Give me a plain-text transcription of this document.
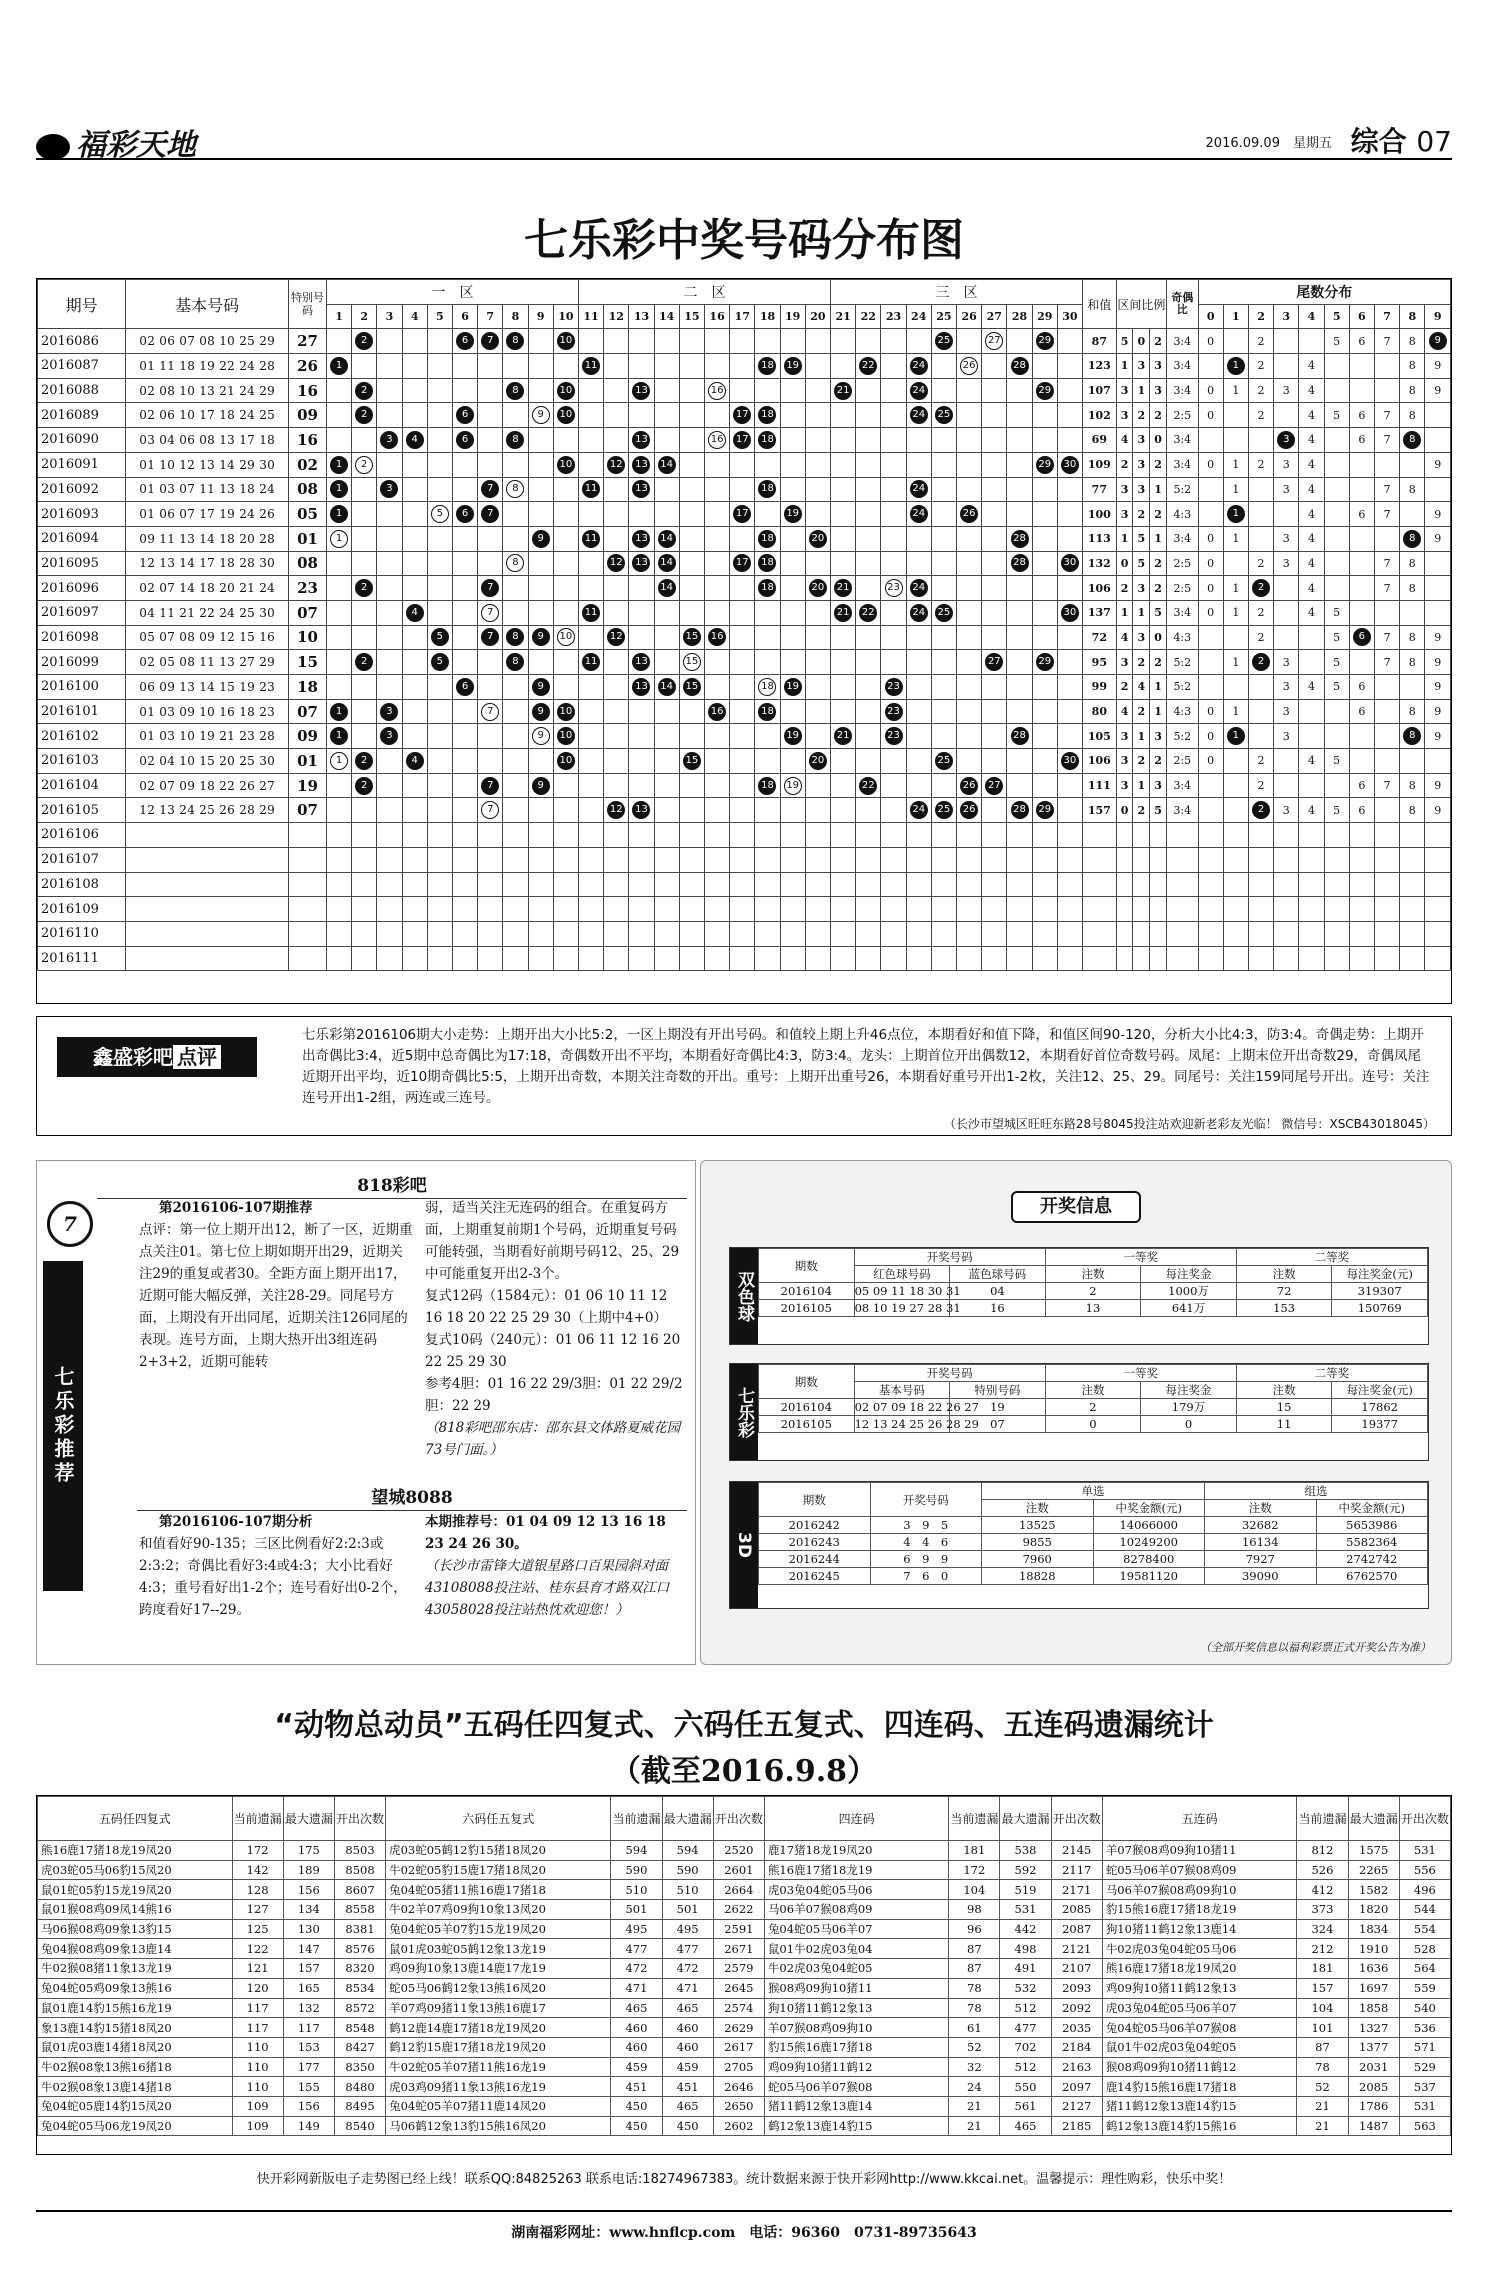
福彩天地	2016.09.09　 星期五 综合 07
七乐彩中奖号码分布图
期号	基本号码	特别号码	一　区										二　区										三　区										和值	区间比例			奇偶比	尾数分布									
			1	2	3	4	5	6	7	8	9	10	11	12	13	14	15	16	17	18	19	20	21	22	23	24	25	26	27	28	29	30						0	1	2	3	4	5	6	7	8	9
2016086	02 06 07 08 10 25 29	27		2				6	7	8		10															25		27		29		87	5	0	2	3:4	0		2			5	6	7	8	9
2016087	01 11 18 19 22 24 28	26	1										11							18	19			22		24		26		28			123	1	3	3	3:4		1	2		4				8	9
2016088	02 08 10 13 21 24 29	16		2						8		10			13			16					21			24					29		107	3	1	3	3:4	0	1	2	3	4				8	9
2016089	02 06 10 17 18 24 25	09		2				6			9	10							17	18						24	25						102	3	2	2	2:5	0		2		4	5	6	7	8	
2016090	03 04 06 08 13 17 18	16			3	4		6		8					13			16	17	18													69	4	3	0	3:4				3	4		6	7	8	
2016091	01 10 12 13 14 29 30	02	1	2								10		12	13	14															29	30	109	2	3	2	3:4	0	1	2	3	4					9
2016092	01 03 07 11 13 18 24	08	1		3				7	8			11		13					18						24							77	3	3	1	5:2		1		3	4			7	8	
2016093	01 06 07 17 19 24 26	05	1				5	6	7										17		19					24		26					100	3	2	2	4:3		1			4		6	7		9
2016094	09 11 13 14 18 20 28	01	1								9		11		13	14				18		20								28			113	1	5	1	3:4	0	1		3	4				8	9
2016095	12 13 14 17 18 28 30	08								8				12	13	14			17	18										28		30	132	0	5	2	2:5	0		2	3	4			7	8	
2016096	02 07 14 18 20 21 24	23		2					7							14				18		20	21		23	24							106	2	3	2	2:5	0	1	2		4			7	8	
2016097	04 11 21 22 24 25 30	07				4			7				11										21	22		24	25					30	137	1	1	5	3:4	0	1	2		4	5				
2016098	05 07 08 09 12 15 16	10					5		7	8	9	10		12			15	16															72	4	3	0	4:3			2			5	6	7	8	9
2016099	02 05 08 11 13 27 29	15		2			5			8			11		13		15												27		29		95	3	2	2	5:2		1	2	3		5		7	8	9
2016100	06 09 13 14 15 19 23	18						6			9				13	14	15			18	19				23								99	2	4	1	5:2				3	4	5	6			9
2016101	01 03 09 10 16 18 23	07	1		3				7		9	10						16		18					23								80	4	2	1	4:3	0	1		3			6		8	9
2016102	01 03 10 19 21 23 28	09	1		3						9	10									19		21		23					28			105	3	1	3	5:2	0	1		3					8	9
2016103	02 04 10 15 20 25 30	01	1	2		4						10					15					20					25					30	106	3	2	2	2:5	0		2		4	5				
2016104	02 07 09 18 22 26 27	19		2					7		9									18	19			22				26	27				111	3	1	3	3:4			2				6	7	8	9
2016105	12 13 24 25 26 28 29	07							7					12	13											24	25	26		28	29		157	0	2	5	3:4			2	3	4	5	6		8	9
2016106																																															
2016107																																															
2016108																																															
2016109																																															
2016110																																															
2016111																																															
鑫盛彩吧 点评
七乐彩第2016106期大小走势：上期开出大小比5:2，一区上期没有开出号码。和值较上期上升46点位，本期看好和值下降，和值区间90-120，分析大小比4:3，防3:4。奇偶走势：上期开出奇偶比3:4，近5期中总奇偶比为17:18，奇偶数开出不平均，本期看好奇偶比4:3，防3:4。龙头：上期首位开出偶数12，本期看好首位奇数号码。凤尾：上期末位开出奇数29，奇偶凤尾近期开出平均，近10期奇偶比5:5，上期开出奇数，本期关注奇数的开出。重号：上期开出重号26，本期看好重号开出1-2枚，关注12、25、29。同尾号：关注159同尾号开出。连号：关注连号开出1-2组，两连或三连号。
（长沙市望城区旺旺东路28号8045投注站欢迎新老彩友光临！ 微信号：XSCB43018045）
7
七乐彩推荐
818彩吧
第2016106-107期推荐
点评：第一位上期开出12，断了一区，近期重点关注01。第七位上期如期开出29，近期关注29的重复或者30。全距方面上期开出17，近期可能大幅反弹，关注28-29。同尾号方面，上期没有开出同尾，近期关注126同尾的表现。连号方面，上期大热开出3组连码2+3+2，近期可能转
弱，适当关注无连码的组合。在重复码方面，上期重复前期1个号码，近期重复号码可能转强，当期看好前期号码12、25、29中可能重复开出2-3个。
复式12码（1584元）：01 06 10 11 12 16 18 20 22 25 29 30（上期中4+0）
复式10码（240元）：01 06 11 12 16 20 22 25 29 30
参考4胆：01 16 22 29/3胆：01 22 29/2胆：22 29
（818彩吧邵东店：邵东县文体路夏威花园73号门面。）
望城8088
第2016106-107期分析
和值看好90-135；三区比例看好2:2:3或2:3:2；奇偶比看好3:4或4:3；大小比看好4:3；重号看好出1-2个；连号看好出0-2个，跨度看好17--29。
本期推荐号：01 04 09 12 13 16 18 23 24 26 30。
（长沙市雷锋大道银星路口百果园斜对面43108088投注站、桂东县育才路双江口43058028投注站热忱欢迎您！）
开奖信息
双色球
期数	开奖号码		一等奖		二等奖	
	红色球号码	蓝色球号码	注数	每注奖金	注数	每注奖金(元)
2016104	05 09 11 18 30 31	04	2	1000万	72	319307
2016105	08 10 19 27 28 31	16	13	641万	153	150769
七乐彩
期数	开奖号码		一等奖		二等奖	
	基本号码	特别号码	注数	每注奖金	注数	每注奖金(元)
2016104	02 07 09 18 22 26 27	19	2	179万	15	17862
2016105	12 13 24 25 26 28 29	07	0	0	11	19377
3D
期数	开奖号码	单选		组选	
		注数	中奖金额(元)	注数	中奖金额(元)
2016242	3　9　5	13525	14066000	32682	5653986
2016243	4　4　6	9855	10249200	16134	5582364
2016244	6　9　9	7960	8278400	7927	2742742
2016245	7　6　0	18828	19581120	39090	6762570
（全部开奖信息以福利彩票正式开奖公告为准）
“动物总动员”五码任四复式、六码任五复式、四连码、五连码遗漏统计
（截至2016.9.8）
五码任四复式	当前遗漏	最大遗漏	开出次数	六码任五复式	当前遗漏	最大遗漏	开出次数	四连码	当前遗漏	最大遗漏	开出次数	五连码	当前遗漏	最大遗漏	开出次数
熊16鹿17猪18龙19凤20	172	175	8503	虎03蛇05鹤12豹15猪18凤20	594	594	2520	鹿17猪18龙19凤20	181	538	2145	羊07猴08鸡09狗10猪11	812	1575	531
虎03蛇05马06豹15凤20	142	189	8508	牛02蛇05豹15鹿17猪18凤20	590	590	2601	熊16鹿17猪18龙19	172	592	2117	蛇05马06羊07猴08鸡09	526	2265	556
鼠01蛇05豹15龙19凤20	128	156	8607	兔04蛇05猪11熊16鹿17猪18	510	510	2664	虎03兔04蛇05马06	104	519	2171	马06羊07猴08鸡09狗10	412	1582	496
鼠01猴08鸡09凤14熊16	127	134	8558	牛02羊07鸡09狗10象13凤20	501	501	2622	马06羊07猴08鸡09	98	531	2085	豹15熊16鹿17猪18龙19	373	1820	544
马06猴08鸡09象13豹15	125	130	8381	兔04蛇05羊07豹15龙19凤20	495	495	2591	兔04蛇05马06羊07	96	442	2087	狗10猪11鹤12象13鹿14	324	1834	554
兔04猴08鸡09象13鹿14	122	147	8576	鼠01虎03蛇05鹤12象13龙19	477	477	2671	鼠01牛02虎03兔04	87	498	2121	牛02虎03兔04蛇05马06	212	1910	528
牛02猴08猪11象13龙19	121	157	8320	鸡09狗10象13鹿14鹿17龙19	472	472	2579	牛02虎03兔04蛇05	87	491	2107	熊16鹿17猪18龙19凤20	181	1636	564
兔04蛇05鸡09象13熊16	120	165	8534	蛇05马06鹤12象13熊16凤20	471	471	2645	猴08鸡09狗10猪11	78	532	2093	鸡09狗10猪11鹤12象13	157	1697	559
鼠01鹿14豹15熊16龙19	117	132	8572	羊07鸡09猪11象13熊16鹿17	465	465	2574	狗10猪11鹤12象13	78	512	2092	虎03兔04蛇05马06羊07	104	1858	540
象13鹿14豹15猪18凤20	117	117	8548	鹤12鹿14鹿17猪18龙19凤20	460	460	2629	羊07猴08鸡09狗10	61	477	2035	兔04蛇05马06羊07猴08	101	1327	536
鼠01虎03鹿14猪18凤20	110	153	8427	鹤12豹15鹿17猪18龙19凤20	460	460	2617	豹15熊16鹿17猪18	52	702	2184	鼠01牛02虎03兔04蛇05	87	1377	571
牛02猴08象13熊16猪18	110	177	8350	牛02蛇05羊07猪11熊16龙19	459	459	2705	鸡09狗10猪11鹤12	32	512	2163	猴08鸡09狗10猪11鹤12	78	2031	529
牛02猴08象13鹿14猪18	110	155	8480	虎03鸡09猪11象13熊16龙19	451	451	2646	蛇05马06羊07猴08	24	550	2097	鹿14豹15熊16鹿17猪18	52	2085	537
兔04蛇05鹿14豹15凤20	109	156	8495	兔04蛇05羊07猪11鹿14凤20	450	465	2650	猪11鹤12象13鹿14	21	561	2127	猪11鹤12象13鹿14豹15	21	1786	531
兔04蛇05马06龙19凤20	109	149	8540	马06鹤12象13豹15熊16凤20	450	450	2602	鹤12象13鹿14豹15	21	465	2185	鹤12象13鹿14豹15熊16	21	1487	563
快开彩网新版电子走势图已经上线！联系QQ:84825263 联系电话:18274967383。统计数据来源于快开彩网http://www.kkcai.net。温馨提示：理性购彩，快乐中奖！
湖南福彩网址：www.hnflcp.com　电话：96360　0731-89735643
